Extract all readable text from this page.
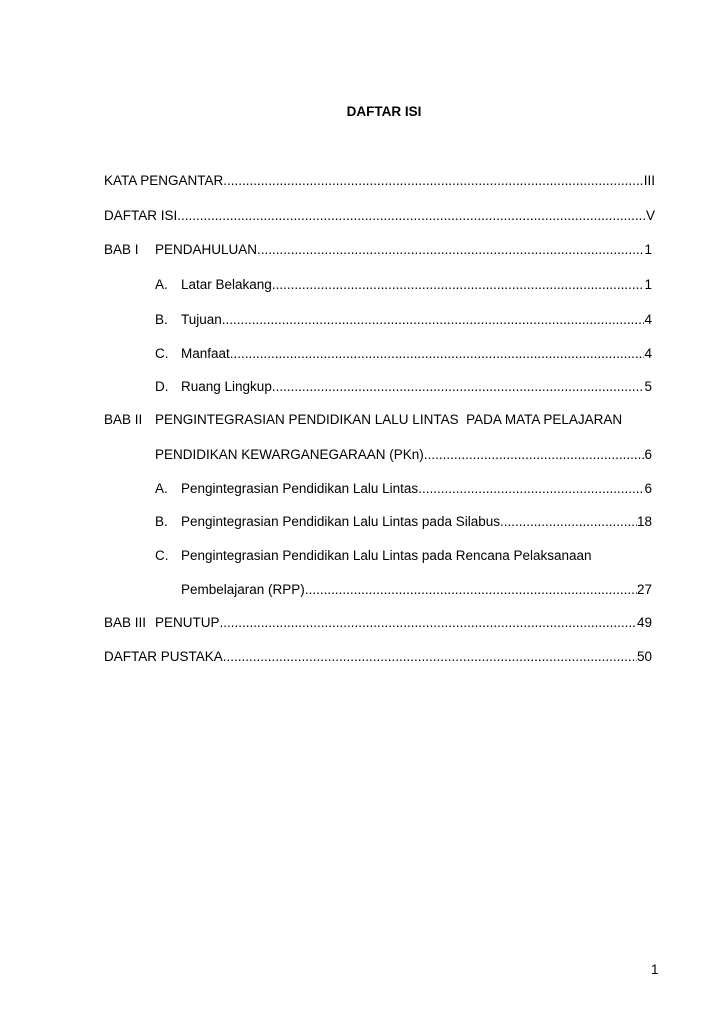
DAFTAR ISI
KATA PENGANTAR .....	III
DAFTAR ISI .....	V
BAB I	PENDAHULUAN .....	1
A. Latar Belakang .....	1
B. Tujuan .....	4
C. Manfaat .....	4
D. Ruang Lingkup .....	5
BAB II PENGINTEGRASIAN PENDIDIKAN LALU LINTAS  PADA MATA PELAJARAN
PENDIDIKAN KEWARGANEGARAAN (PKn) .....	6
A. Pengintegrasian Pendidikan Lalu Lintas .....	6
B. Pengintegrasian Pendidikan Lalu Lintas pada Silabus .....	18
C. Pengintegrasian Pendidikan Lalu Lintas pada Rencana Pelaksanaan
Pembelajaran (RPP) .....	27
BAB III PENUTUP .....	49
DAFTAR PUSTAKA .....	50
1
